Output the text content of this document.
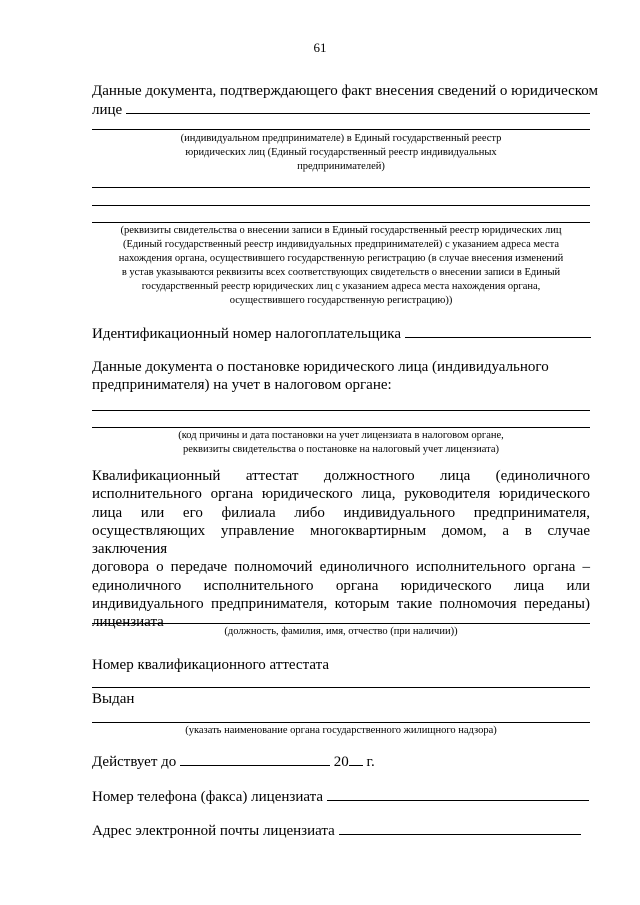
61
Данные документа, подтверждающего факт внесения сведений о юридическом
лице
(индивидуальном предпринимателе) в Единый государственный реестр
юридических лиц (Единый государственный реестр индивидуальных
предпринимателей)
(реквизиты свидетельства о внесении записи в Единый государственный реестр юридических лиц
(Единый государственный реестр индивидуальных предпринимателей) с указанием адреса места
нахождения органа, осуществившего государственную регистрацию (в случае внесения изменений
в устав указываются реквизиты всех соответствующих свидетельств о внесении записи в Единый
государственный реестр юридических лиц с указанием адреса места нахождения органа,
осуществившего государственную регистрацию))
Идентификационный номер налогоплательщика
Данные документа о постановке юридического лица (индивидуального
предпринимателя) на учет в налоговом органе:
(код причины и дата постановки на учет лицензиата в налоговом органе,
реквизиты свидетельства о постановке на налоговый учет лицензиата)
Квалификационный аттестат должностного лица (единоличного
исполнительного органа юридического лица, руководителя юридического
лица или его филиала либо индивидуального предпринимателя,
осуществляющих управление многоквартирным домом, а в случае заключения
договора о передаче полномочий единоличного исполнительного органа –
единоличного исполнительного органа юридического лица или
индивидуального предпринимателя, которым такие полномочия переданы)
лицензиата
(должность, фамилия, имя, отчество (при наличии))
Номер квалификационного аттестата
Выдан
(указать наименование органа государственного жилищного надзора)
Действует до	20 г.
Номер телефона (факса) лицензиата
Адрес электронной почты лицензиата
